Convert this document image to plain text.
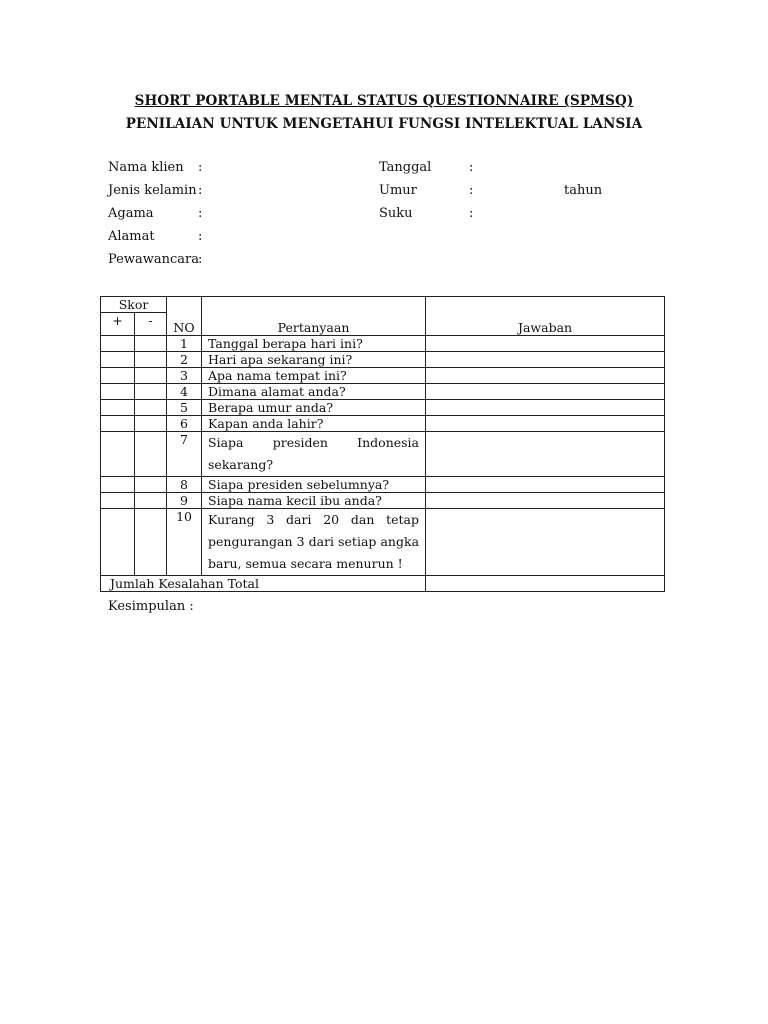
SHORT PORTABLE MENTAL STATUS QUESTIONNAIRE (SPMSQ)
PENILAIAN UNTUK MENGETAHUI FUNGSI INTELEKTUAL LANSIA
Nama klien :
Jenis kelamin :
Agama	:
Alamat	:
Pewawancara :
Tanggal	:
Umur	:	tahun
Suku	:
Skor		NO	Pertanyaan	Jawaban
+	-			
		1	Tanggal berapa hari ini?	
		2	Hari apa sekarang ini?	
		3	Apa nama tempat ini?	
		4	Dimana alamat anda?	
		5	Berapa umur anda?	
		6	Kapan anda lahir?	
		7	Siapa presiden Indonesia
sekarang?	
		8	Siapa presiden sebelumnya?	
		9	Siapa nama kecil ibu anda?	
		10	Kurang 3 dari 20 dan tetap
pengurangan 3 dari setiap angka
baru, semua secara menurun !	
Jumlah Kesalahan Total				
Kesimpulan :
